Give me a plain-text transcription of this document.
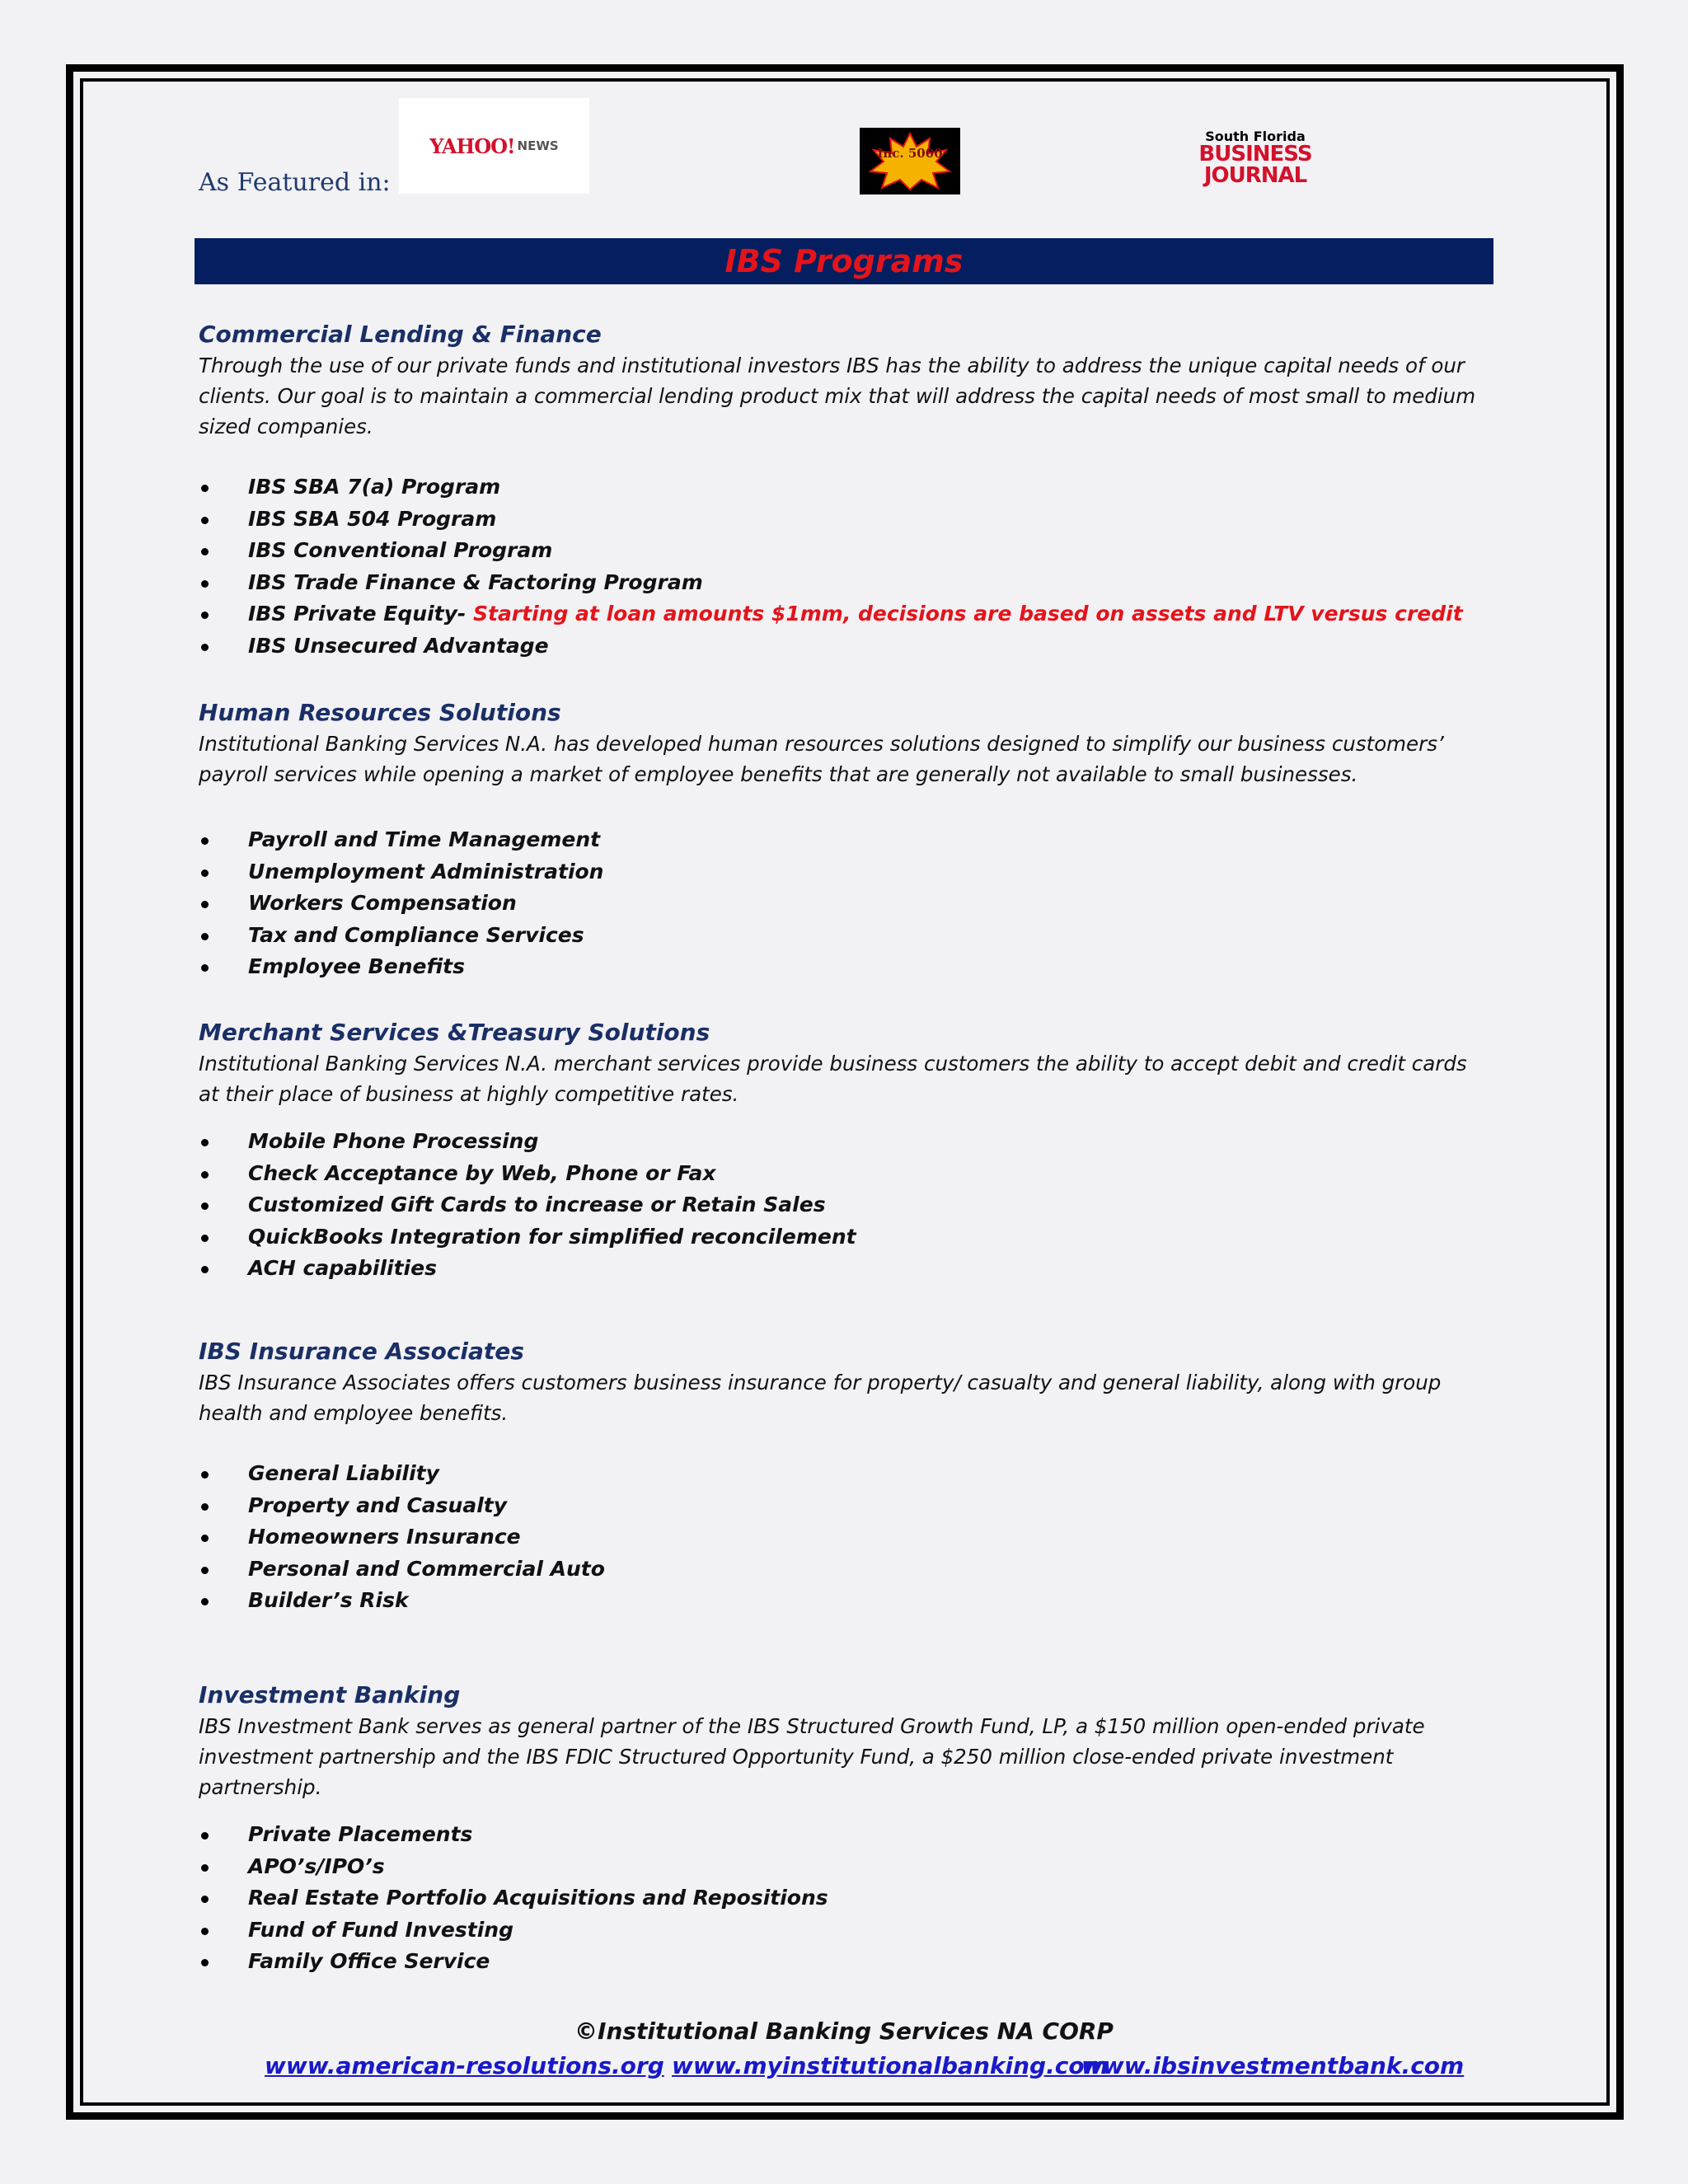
As Featured in:
YAHOO! NEWS	Inc. 5000
South Florida
BUSINESS
JOURNAL
IBS Programs

Commercial Lending & Finance

Through the use of our private funds and institutional investors IBS has the ability to address the unique capital needs of our clients. Our goal is to maintain a commercial lending product mix that will address the capital needs of most small to medium sized companies.

IBS SBA 7(a) Program
IBS SBA 504 Program
IBS Conventional Program
IBS Trade Finance & Factoring Program
IBS Private Equity- Starting at loan amounts $1mm, decisions are based on assets and LTV versus credit
IBS Unsecured Advantage

Human Resources Solutions

Institutional Banking Services N.A. has developed human resources solutions designed to simplify our business customers’ payroll services while opening a market of employee benefits that are generally not available to small businesses.

Payroll and Time Management
Unemployment Administration
Workers Compensation
Tax and Compliance Services
Employee Benefits

Merchant Services &Treasury Solutions

Institutional Banking Services N.A. merchant services provide business customers the ability to accept debit and credit cards at their place of business at highly competitive rates.

Mobile Phone Processing
Check Acceptance by Web, Phone or Fax
Customized Gift Cards to increase or Retain Sales
QuickBooks Integration for simplified reconcilement
ACH capabilities

IBS Insurance Associates

IBS Insurance Associates offers customers business insurance for property/ casualty and general liability, along with group health and employee benefits.

General Liability
Property and Casualty
Homeowners Insurance
Personal and Commercial Auto
Builder’s Risk

Investment Banking

IBS Investment Bank serves as general partner of the IBS Structured Growth Fund, LP, a $150 million open-ended private investment partnership and the IBS FDIC Structured Opportunity Fund, a $250 million close-ended private investment partnership.

Private Placements
APO’s/IPO’s
Real Estate Portfolio Acquisitions and Repositions
Fund of Fund Investing
Family Office Service
©Institutional Banking Services NA CORP
www.american-resolutions.org www.myinstitutionalbanking.com
www.ibsinvestmentbank.com
